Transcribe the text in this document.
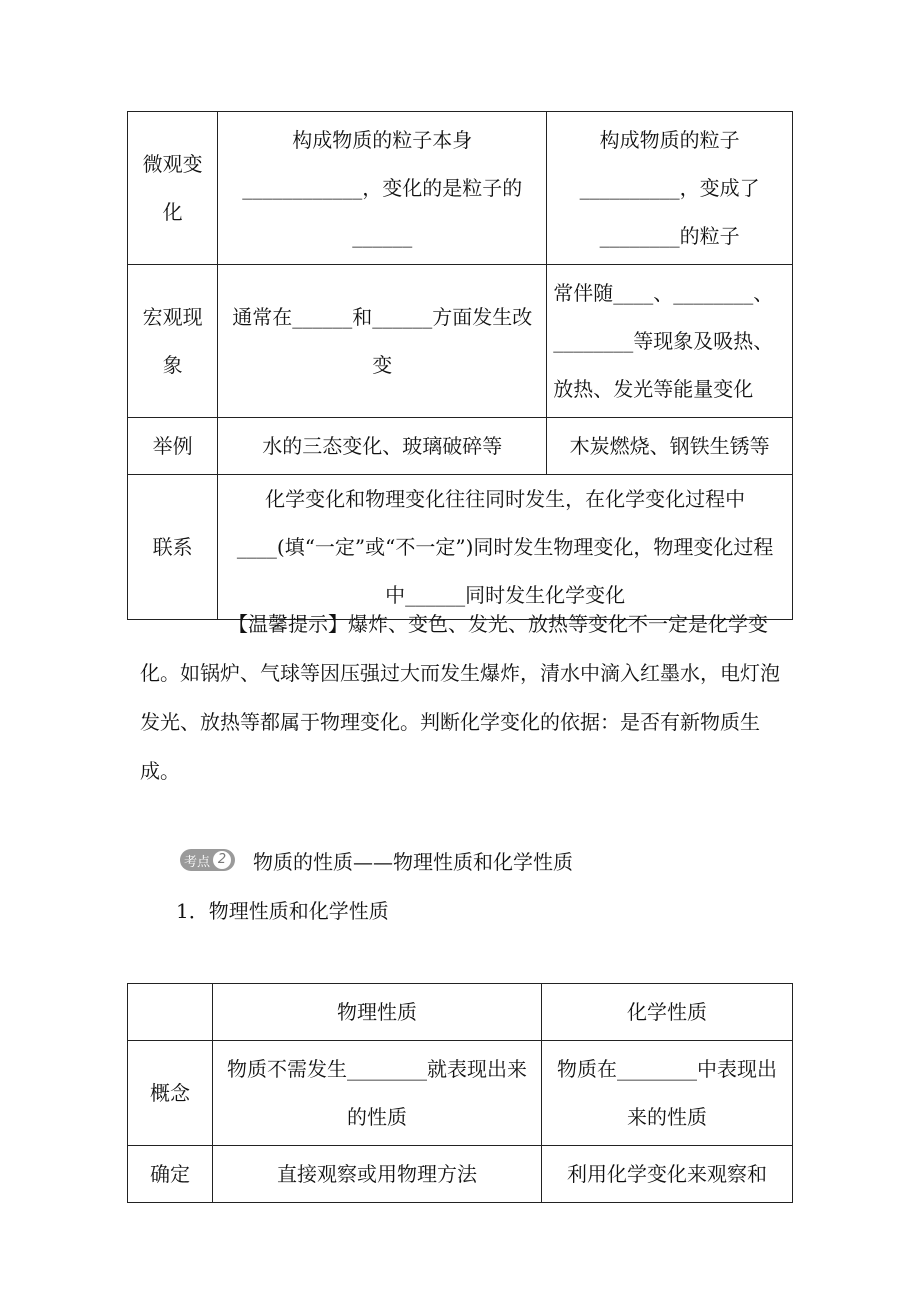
微观变化	构成物质的粒子本身____________，变化的是粒子的______	构成物质的粒子__________，变成了________的粒子
宏观现象	通常在______和______方面发生改变	常伴随____、________、________等现象及吸热、放热、发光等能量变化
举例	水的三态变化、玻璃破碎等	木炭燃烧、钢铁生锈等
联系	化学变化和物理变化往往同时发生，在化学变化过程中____(填“一定”或“不一定”)同时发生物理变化，物理变化过程中______同时发生化学变化	

【温馨提示】爆炸、变色、发光、放热等变化不一定是化学变化。如锅炉、气球等因压强过大而发生爆炸，清水中滴入红墨水，电灯泡发光、放热等都属于物理变化。判断化学变化的依据：是否有新物质生成。

考点 2 物质的性质——物理性质和化学性质
1．物理性质和化学性质
	物理性质	化学性质
概念	物质不需发生________就表现出来的性质	物质在________中表现出来的性质
确定	直接观察或用物理方法	利用化学变化来观察和
